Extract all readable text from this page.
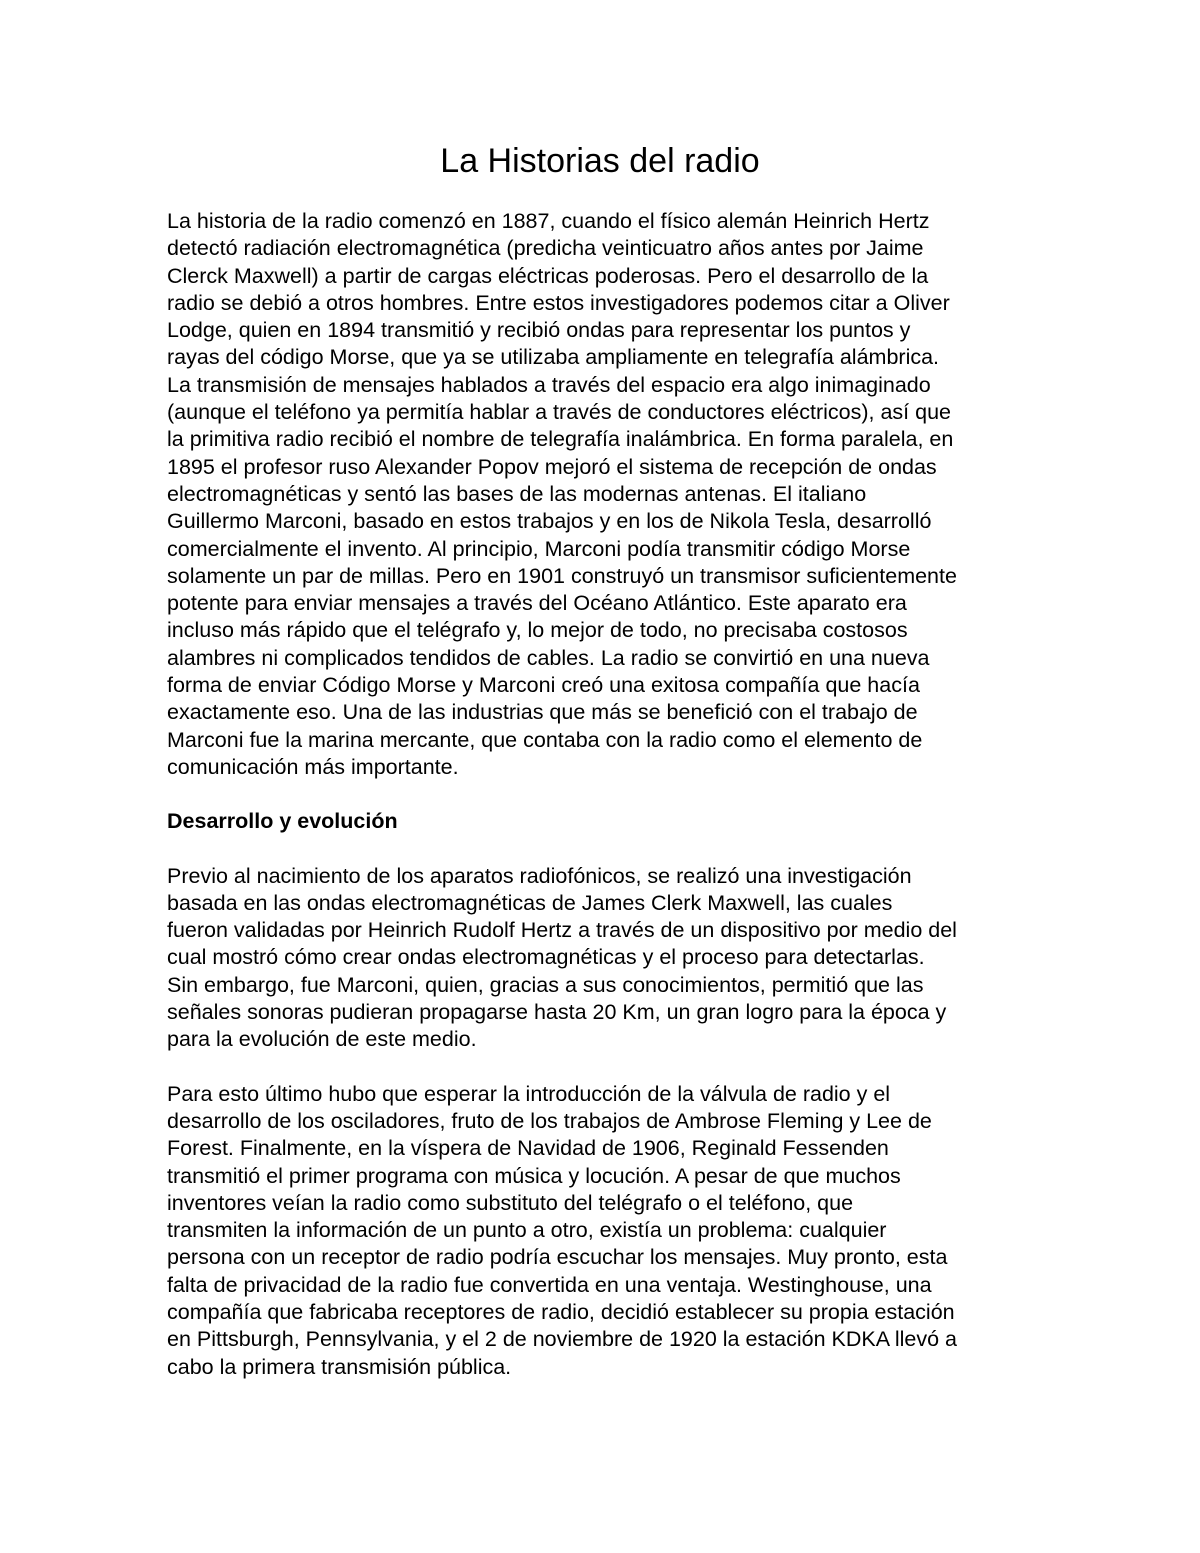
La Historias del radio

La historia de la radio comenzó en 1887, cuando el físico alemán Heinrich Hertz
detectó radiación electromagnética (predicha veinticuatro años antes por Jaime
Clerck Maxwell) a partir de cargas eléctricas poderosas. Pero el desarrollo de la
radio se debió a otros hombres. Entre estos investigadores podemos citar a Oliver
Lodge, quien en 1894 transmitió y recibió ondas para representar los puntos y
rayas del código Morse, que ya se utilizaba ampliamente en telegrafía alámbrica.
La transmisión de mensajes hablados a través del espacio era algo inimaginado
(aunque el teléfono ya permitía hablar a través de conductores eléctricos), así que
la primitiva radio recibió el nombre de telegrafía inalámbrica. En forma paralela, en
1895 el profesor ruso Alexander Popov mejoró el sistema de recepción de ondas
electromagnéticas y sentó las bases de las modernas antenas. El italiano
Guillermo Marconi, basado en estos trabajos y en los de Nikola Tesla, desarrolló
comercialmente el invento. Al principio, Marconi podía transmitir código Morse
solamente un par de millas. Pero en 1901 construyó un transmisor suficientemente
potente para enviar mensajes a través del Océano Atlántico. Este aparato era
incluso más rápido que el telégrafo y, lo mejor de todo, no precisaba costosos
alambres ni complicados tendidos de cables. La radio se convirtió en una nueva
forma de enviar Código Morse y Marconi creó una exitosa compañía que hacía
exactamente eso. Una de las industrias que más se benefició con el trabajo de
Marconi fue la marina mercante, que contaba con la radio como el elemento de
comunicación más importante.

Desarrollo y evolución

Previo al nacimiento de los aparatos radiofónicos, se realizó una investigación
basada en las ondas electromagnéticas de James Clerk Maxwell, las cuales
fueron validadas por Heinrich Rudolf Hertz a través de un dispositivo por medio del
cual mostró cómo crear ondas electromagnéticas y el proceso para detectarlas.
Sin embargo, fue Marconi, quien, gracias a sus conocimientos, permitió que las
señales sonoras pudieran propagarse hasta 20 Km, un gran logro para la época y
para la evolución de este medio.

Para esto último hubo que esperar la introducción de la válvula de radio y el
desarrollo de los osciladores, fruto de los trabajos de Ambrose Fleming y Lee de
Forest. Finalmente, en la víspera de Navidad de 1906, Reginald Fessenden
transmitió el primer programa con música y locución. A pesar de que muchos
inventores veían la radio como substituto del telégrafo o el teléfono, que
transmiten la información de un punto a otro, existía un problema: cualquier
persona con un receptor de radio podría escuchar los mensajes. Muy pronto, esta
falta de privacidad de la radio fue convertida en una ventaja. Westinghouse, una
compañía que fabricaba receptores de radio, decidió establecer su propia estación
en Pittsburgh, Pennsylvania, y el 2 de noviembre de 1920 la estación KDKA llevó a
cabo la primera transmisión pública.
